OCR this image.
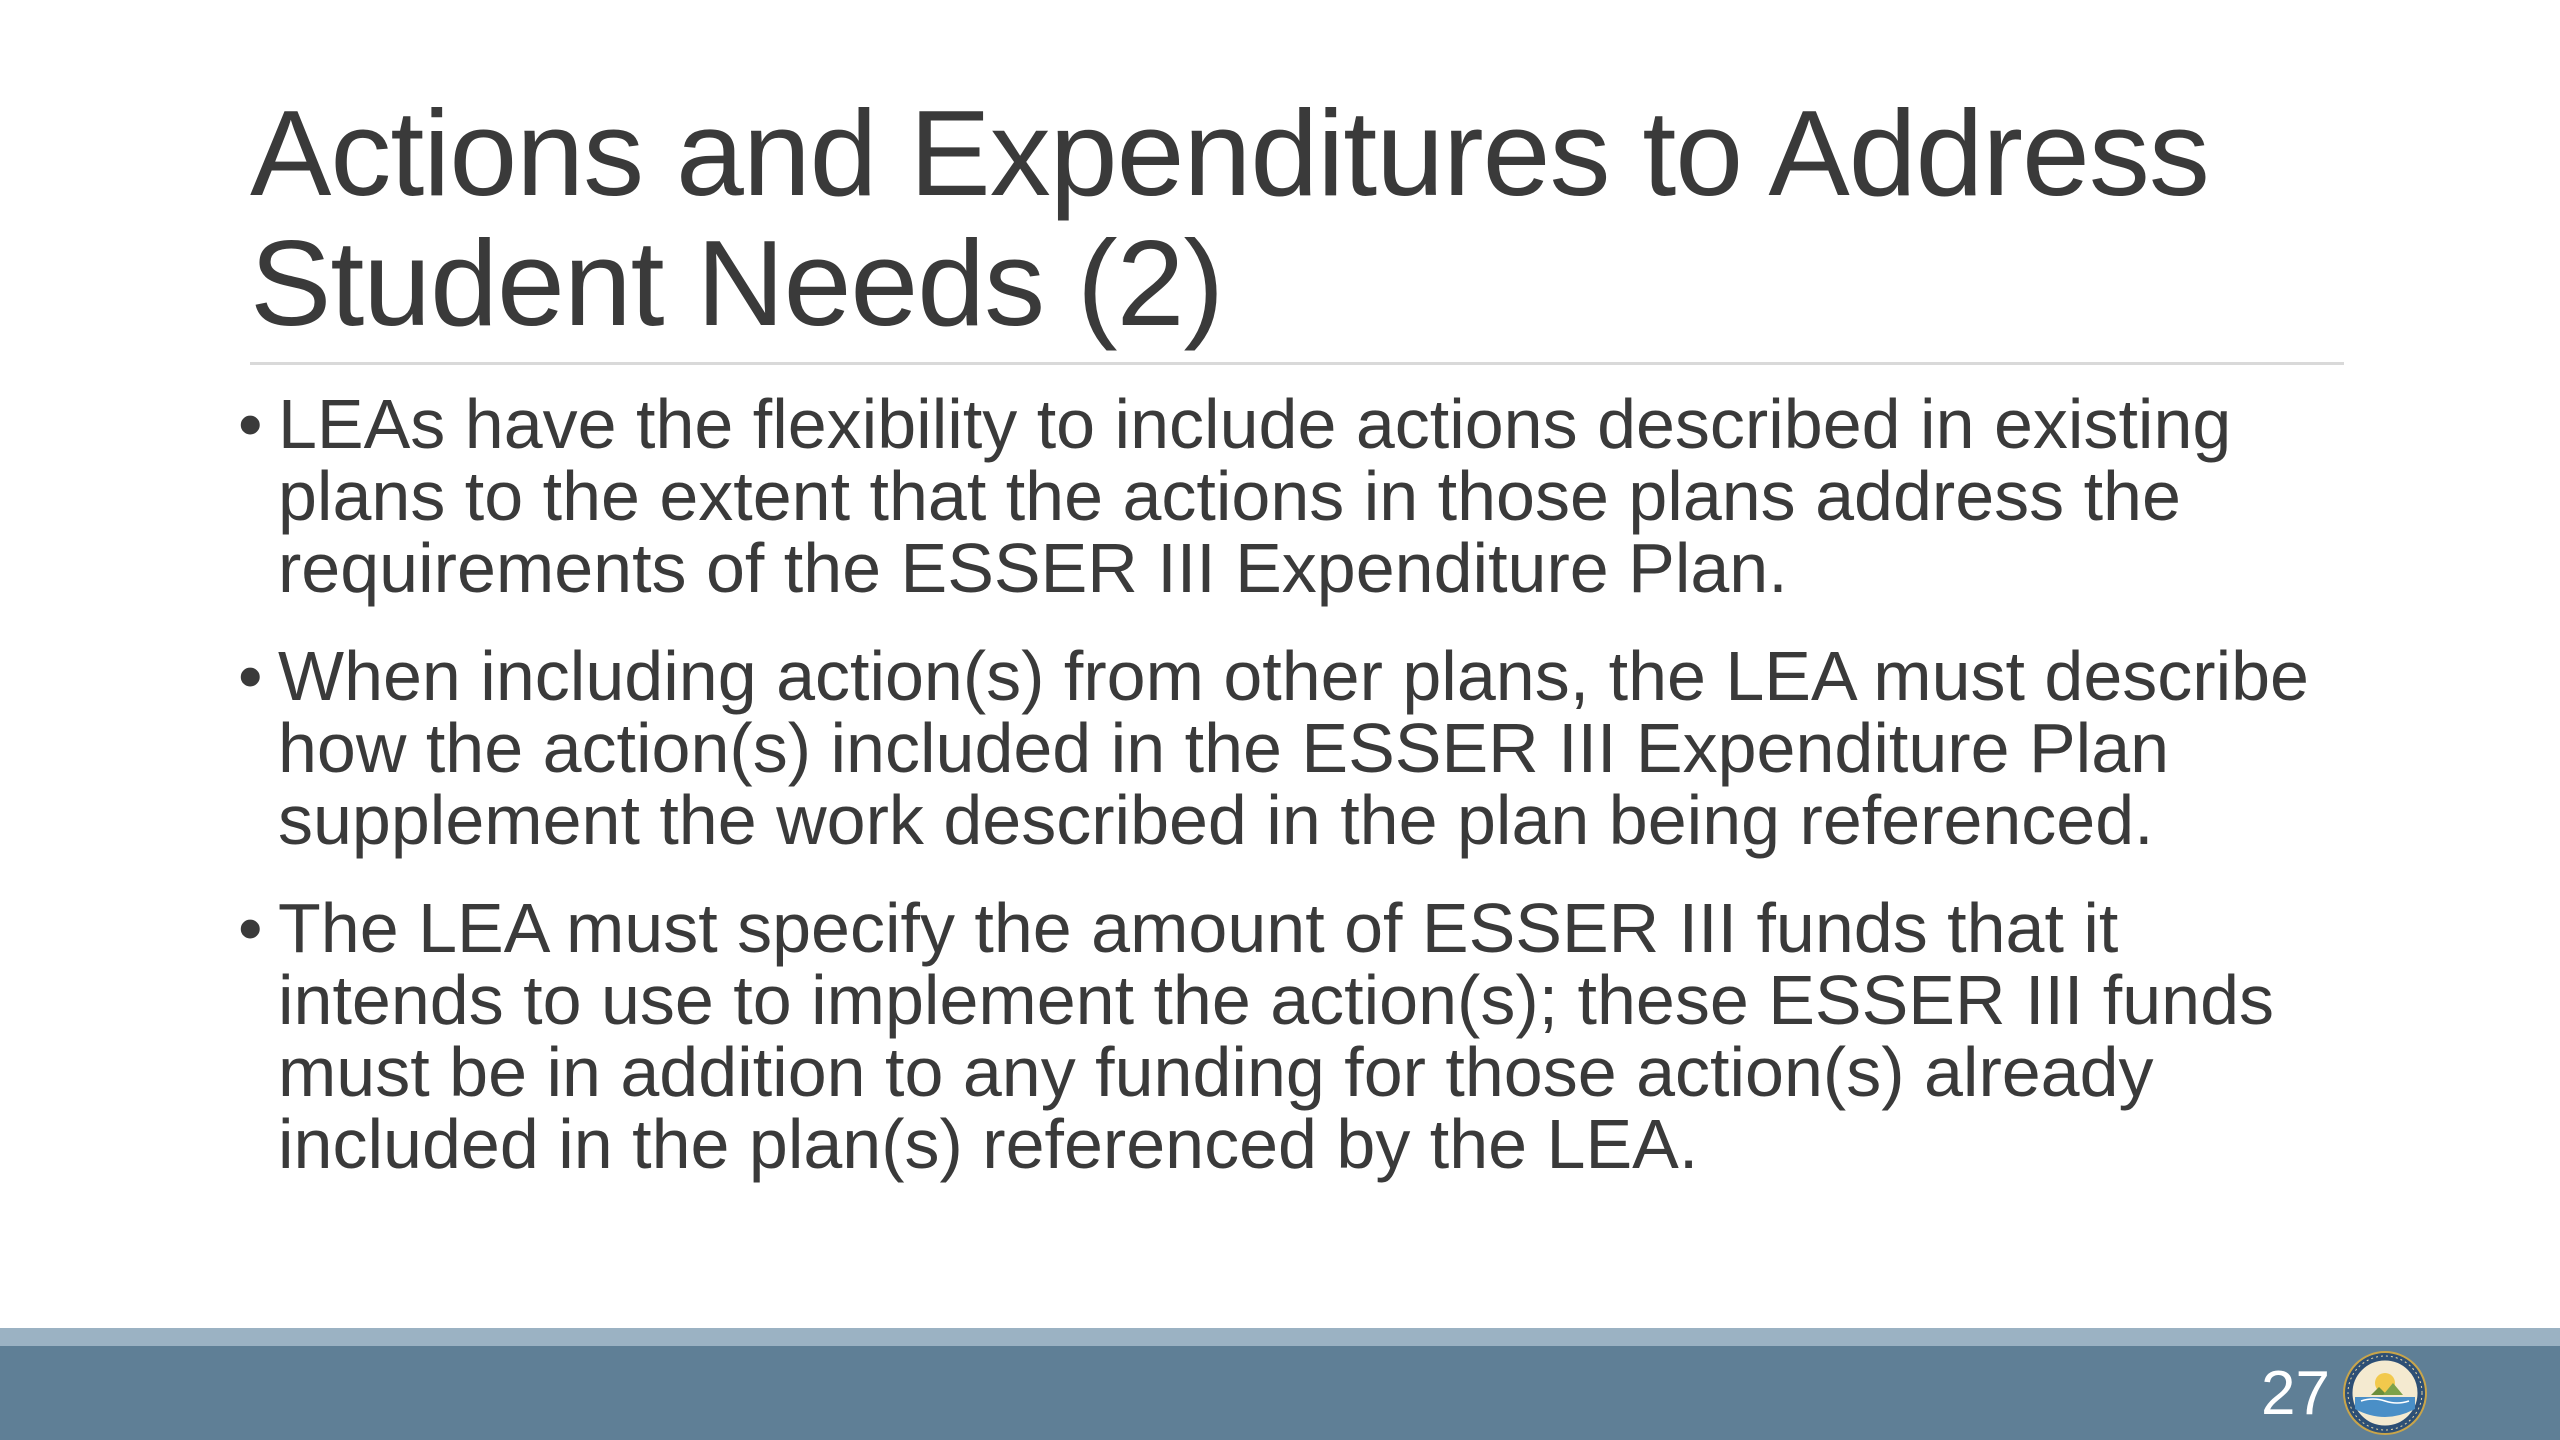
Actions and Expenditures to Address Student Needs (2)
• LEAs have the flexibility to include actions described in existing plans to the extent that the actions in those plans address the requirements of the ESSER III Expenditure Plan.
• When including action(s) from other plans, the LEA must describe how the action(s) included in the ESSER III Expenditure Plan supplement the work described in the plan being referenced.
• The LEA must specify the amount of ESSER III funds that it intends to use to implement the action(s); these ESSER III funds must be in addition to any funding for those action(s) already included in the plan(s) referenced by the LEA.
27
